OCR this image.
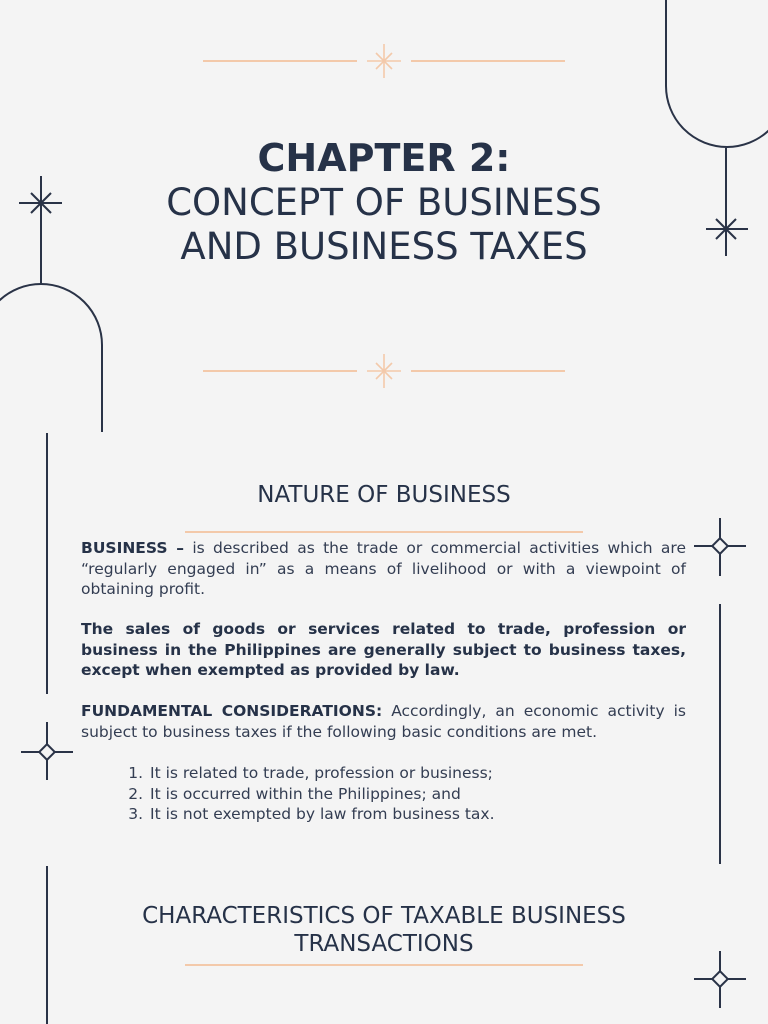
CHAPTER 2:
CONCEPT OF BUSINESS
AND BUSINESS TAXES
NATURE OF BUSINESS

BUSINESS – is described as the trade or commercial activities which are “regularly engaged in” as a means of livelihood or with a viewpoint of obtaining profit.

The sales of goods or services related to trade, profession or business in the Philippines are generally subject to business taxes, except when exempted as provided by law.

FUNDAMENTAL CONSIDERATIONS: Accordingly, an economic activity is subject to business taxes if the following basic conditions are met.

1. It is related to trade, profession or business;
2. It is occurred within the Philippines; and
3. It is not exempted by law from business tax.
CHARACTERISTICS OF TAXABLE BUSINESS
TRANSACTIONS
